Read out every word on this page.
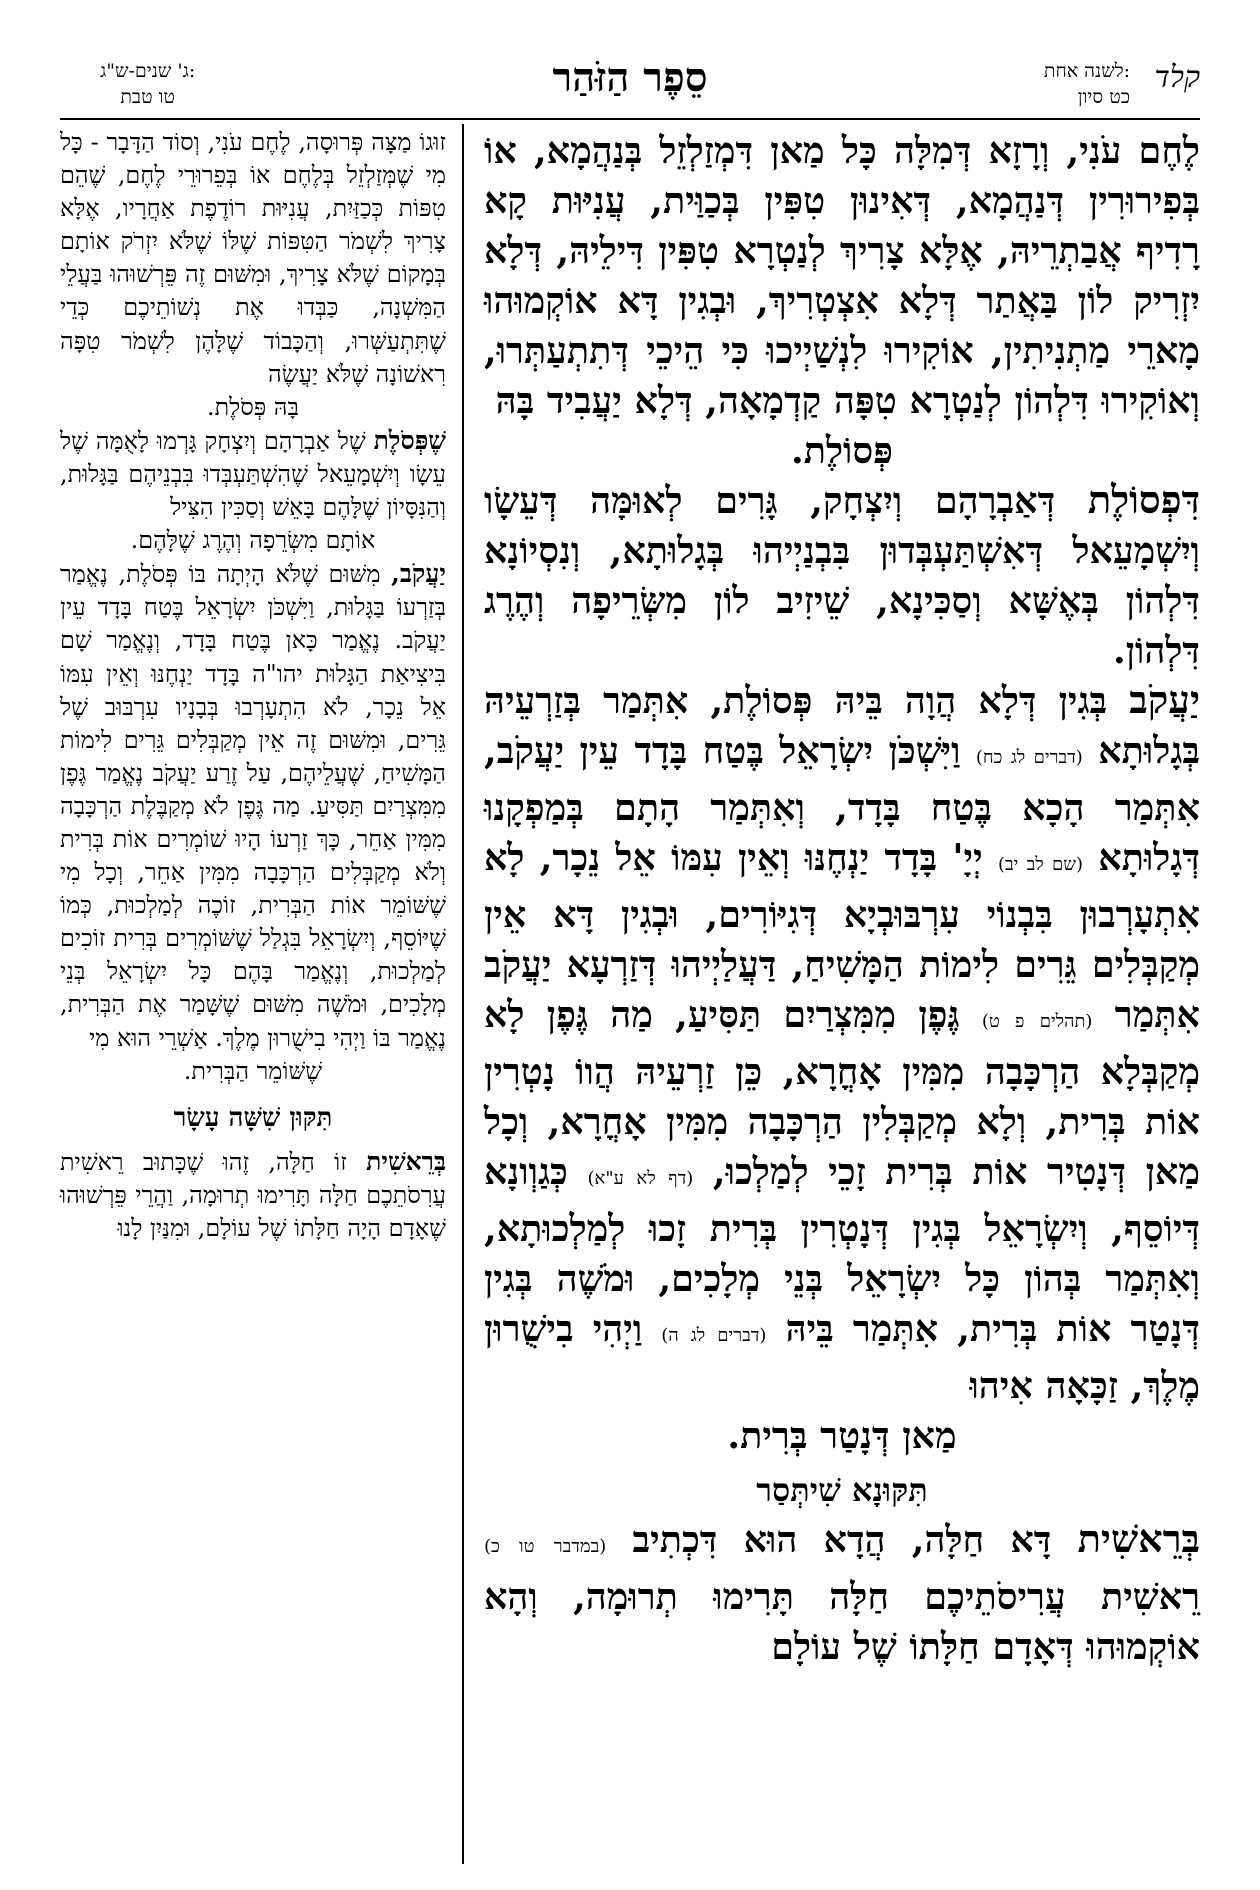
קלד
לשנה אחת:
כט סיון
סֵפֶר הַזֹּהַר
ג' שנים-ש"ג:
טו טבת

לֶחֶם עֹנִי, וְרָזָא דְּמִלָּה כָּל מַאן דִּמְזַלְזֵל בְּנַהֲמָא, אוֹ בְּפִירוּרִין דְּנַהֲמָא, דְּאִינוּן טִפִּין בְּכַוַּית, עֲנִיּוּת קָא רָדִיף אֲבַתְרֵיהּ, אֶלָּא צָרִיךְ לְנַטְרָא טִפִּין דִּילֵיהּ, דְּלָא יִזְרִיק לוֹן בַּאֲתַר דְּלָא אִצְטְרִיךְ, וּבְגִין דָּא אוֹקְמוּהוּ מָארֵי מַתְנִיתִין, אוֹקִירוּ לִנְשַׁיְיכוּ כִּי הֵיכֵי דְּתִתְעַתְּרוּ, וְאוֹקִירוּ דִּלְהוֹן לְנַטְרָא טִפָּה קַדְמָאָה, דְּלָא יַעֲבִיד בָּהּ

פְּסוֹלֶת.

דִּפְסוֹלֶת דְּאַבְרָהָם וְיִצְחָק, גָּרִים לְאוּמָּה דְּעֵשָׂו וְיִשְׁמָעֵאל דְּאִשְׁתַּעְבְּדוּן בִּבְנַיְיהוּ בְּגָלוּתָא, וְנִסְיוֹנָא דִּלְהוֹן בְּאֶשָּׁא וְסַכִּינָא, שֵׁיזִיב לוֹן מִשְּׂרֵיפָה וְהֶרֶג דִּלְהוֹן.

יַעֲקֹב בְּגִין דְּלָא הֲוָה בֵּיהּ פְּסוֹלֶת, אִתְּמַר בְּזַרְעֵיהּ בְּגָלוּתָא (דברים לג כח) וַיִּשְׁכֹּן יִשְׂרָאֵל בֶּטַח בָּדָד עֵין יַעֲקֹב, אִתְּמַר הָכָא בֶּטַח בָּדָד, וְאִתְּמַר הָתָם בְּמַפְקָנוּ דְּגָלוּתָא (שם לב יב) יְיָ' בָּדָד יַנְחֶנּוּ וְאֵין עִמּוֹ אֵל נֵכָר, לָא אִתְעָרְבוּן בִּבְנוֹי עִרְבּוּבְיָא דְּגִיּוֹרִים, וּבְגִין דָּא אֵין מְקַבְּלִים גֵּרִים לִימוֹת הַמָּשִׁיחַ, דַּעֲלַיְיהוּ דְּזַרְעָא יַעֲקֹב אִתְּמַר (תהלים פ ט) גֶּפֶן מִמִּצְרַיִם תַּסִּיעַ, מַה גֶּפֶן לָא מְקַבְּלָא הַרְכָּבָה מִמִּין אָחֳרָא, כֵּן זַרְעֵיהּ הֲווֹ נָטְרִין אוֹת בְּרִית, וְלָא מְקַבְּלִין הַרְכָּבָה מִמִּין אָחֳרָא, וְכָל מַאן דְּנָטִיר אוֹת בְּרִית זָכֵי לְמַלְכוּ, (דף לא ע"א) כְּגַוְונָא דְּיוֹסֵף, וְיִשְׂרָאֵל בְּגִין דְּנָטְרִין בְּרִית זָכוּ לְמַלְכוּתָא, וְאִתְּמַר בְּהוֹן כָּל יִשְׂרָאֵל בְּנֵי מְלָכִים, וּמֹשֶׁה בְּגִין דְּנָטַר אוֹת בְּרִית, אִתְּמַר בֵּיהּ (דברים לג ה) וַיְהִי בִישֻׁרוּן מֶלֶךְ, זַכָּאָה אִיהוּ

מַאן דְּנָטַר בְּרִית.

תִּקּוּנָא שִׁיתְּסַר

בְּרֵאשִׁית דָּא חַלָּה, הֲדָא הוּא דִּכְתִיב (במדבר טו כ) רֵאשִׁית עֲרִיסֹתֵיכֶם חַלָּה תָּרִימוּ תְרוּמָה, וְהָא אוֹקְמוּהוּ דְּאָדָם חַלָּתוֹ שֶׁל עוֹלָם

זוּגוֹ מַצָּה פְּרוּסָה, לֶחֶם עֹנִי, וְסוֹד הַדָּבָר - כָּל מִי שֶׁמְּזַלְזֵל בְּלֶחֶם אוֹ בְּפֵרוּרֵי לֶחֶם, שֶׁהֵם טִפּוֹת כְּכַזַּיִת, עֲנִיּוּת רוֹדֶפֶת אַחֲרָיו, אֶלָּא צָרִיךְ לִשְׁמֹר הַטִּפּוֹת שֶׁלּוֹ שֶׁלֹּא יִזְרֹק אוֹתָם בְּמָקוֹם שֶׁלֹּא צָרִיךְ, וּמִשּׁוּם זֶה פֵּרְשׁוּהוּ בַּעֲלֵי הַמִּשְׁנָה, כַּבְּדוּ אֶת נְשׁוֹתֵיכֶם כְּדֵי שֶׁתִּתְעַשְּׁרוּ, וְהַכָּבוֹד שֶׁלָּהֶן לִשְׁמֹר טִפָּה רִאשׁוֹנָה שֶׁלֹּא יַעֲשֶׂה

בָּהּ פְּסֹלֶת.

שֶׁפְּסֹלֶת שֶׁל אַבְרָהָם וְיִצְחָק גָּרְמוּ לָאֻמָּה שֶׁל עֵשָׂו וְיִשְׁמָעֵאל שֶׁהִשְׁתַּעְבְּדוּ בִּבְנֵיהֶם בַּגָּלוּת, וְהַנִּסָּיוֹן שֶׁלָּהֶם בָּאֵשׁ וְסַכִּין הִצִּיל

אוֹתָם מִשְּׂרֵפָה וְהֶרֶג שֶׁלָּהֶם.

יַעֲקֹב, מִשּׁוּם שֶׁלֹּא הָיְתָה בּוֹ פְּסֹלֶת, נֶאֱמַר בְּזַרְעוֹ בַּגָּלוּת, וַיִּשְׁכֹּן יִשְׂרָאֵל בֶּטַח בָּדָד עֵין יַעֲקֹב. נֶאֱמַר כָּאן בֶּטַח בָּדָד, וְנֶאֱמַר שָׁם בִּיצִיאַת הַגָּלוּת יהו"ה בָּדָד יַנְחֶנּוּ וְאֵין עִמּוֹ אֵל נֵכָר, לֹא הִתְעָרְבוּ בְּבָנָיו עִרְבּוּב שֶׁל גֵּרִים, וּמִשּׁוּם זֶה אֵין מְקַבְּלִים גֵּרִים לִימוֹת הַמָּשִׁיחַ, שֶׁעֲלֵיהֶם, עַל זֶרַע יַעֲקֹב נֶאֱמַר גֶּפֶן מִמִּצְרַיִם תַּסִּיעַ. מַה גֶּפֶן לֹא מְקַבֶּלֶת הַרְכָּבָה מִמִּין אַחֵר, כָּךְ זַרְעוֹ הָיוּ שׁוֹמְרִים אוֹת בְּרִית וְלֹא מְקַבְּלִים הַרְכָּבָה מִמִּין אַחֵר, וְכָל מִי שֶׁשּׁוֹמֵר אוֹת הַבְּרִית, זוֹכֶה לְמַלְכוּת, כְּמוֹ שֶׁיּוֹסֵף, וְיִשְׂרָאֵל בִּגְלַל שֶׁשּׁוֹמְרִים בְּרִית זוֹכִים לְמַלְכוּת, וְנֶאֱמַר בָּהֶם כָּל יִשְׂרָאֵל בְּנֵי מְלָכִים, וּמֹשֶׁה מִשּׁוּם שֶׁשָּׁמַר אֶת הַבְּרִית, נֶאֱמַר בּוֹ וַיְהִי בִישֻׁרוּן מֶלֶךְ. אַשְׁרֵי הוּא מִי

שֶׁשּׁוֹמֵר הַבְּרִית.

תִּקּוּן שִׁשָּׁה עָשָׂר

בְּרֵאשִׁית זוֹ חַלָּה, זֶהוּ שֶׁכָּתוּב רֵאשִׁית עֲרִסֹתֵכֶם חַלָּה תָּרִימוּ תְרוּמָה, וַהֲרֵי פֵּרְשׁוּהוּ שֶׁאָדָם הָיָה חַלָּתוֹ שֶׁל עוֹלָם, וּמִנַּיִן לָנוּ
